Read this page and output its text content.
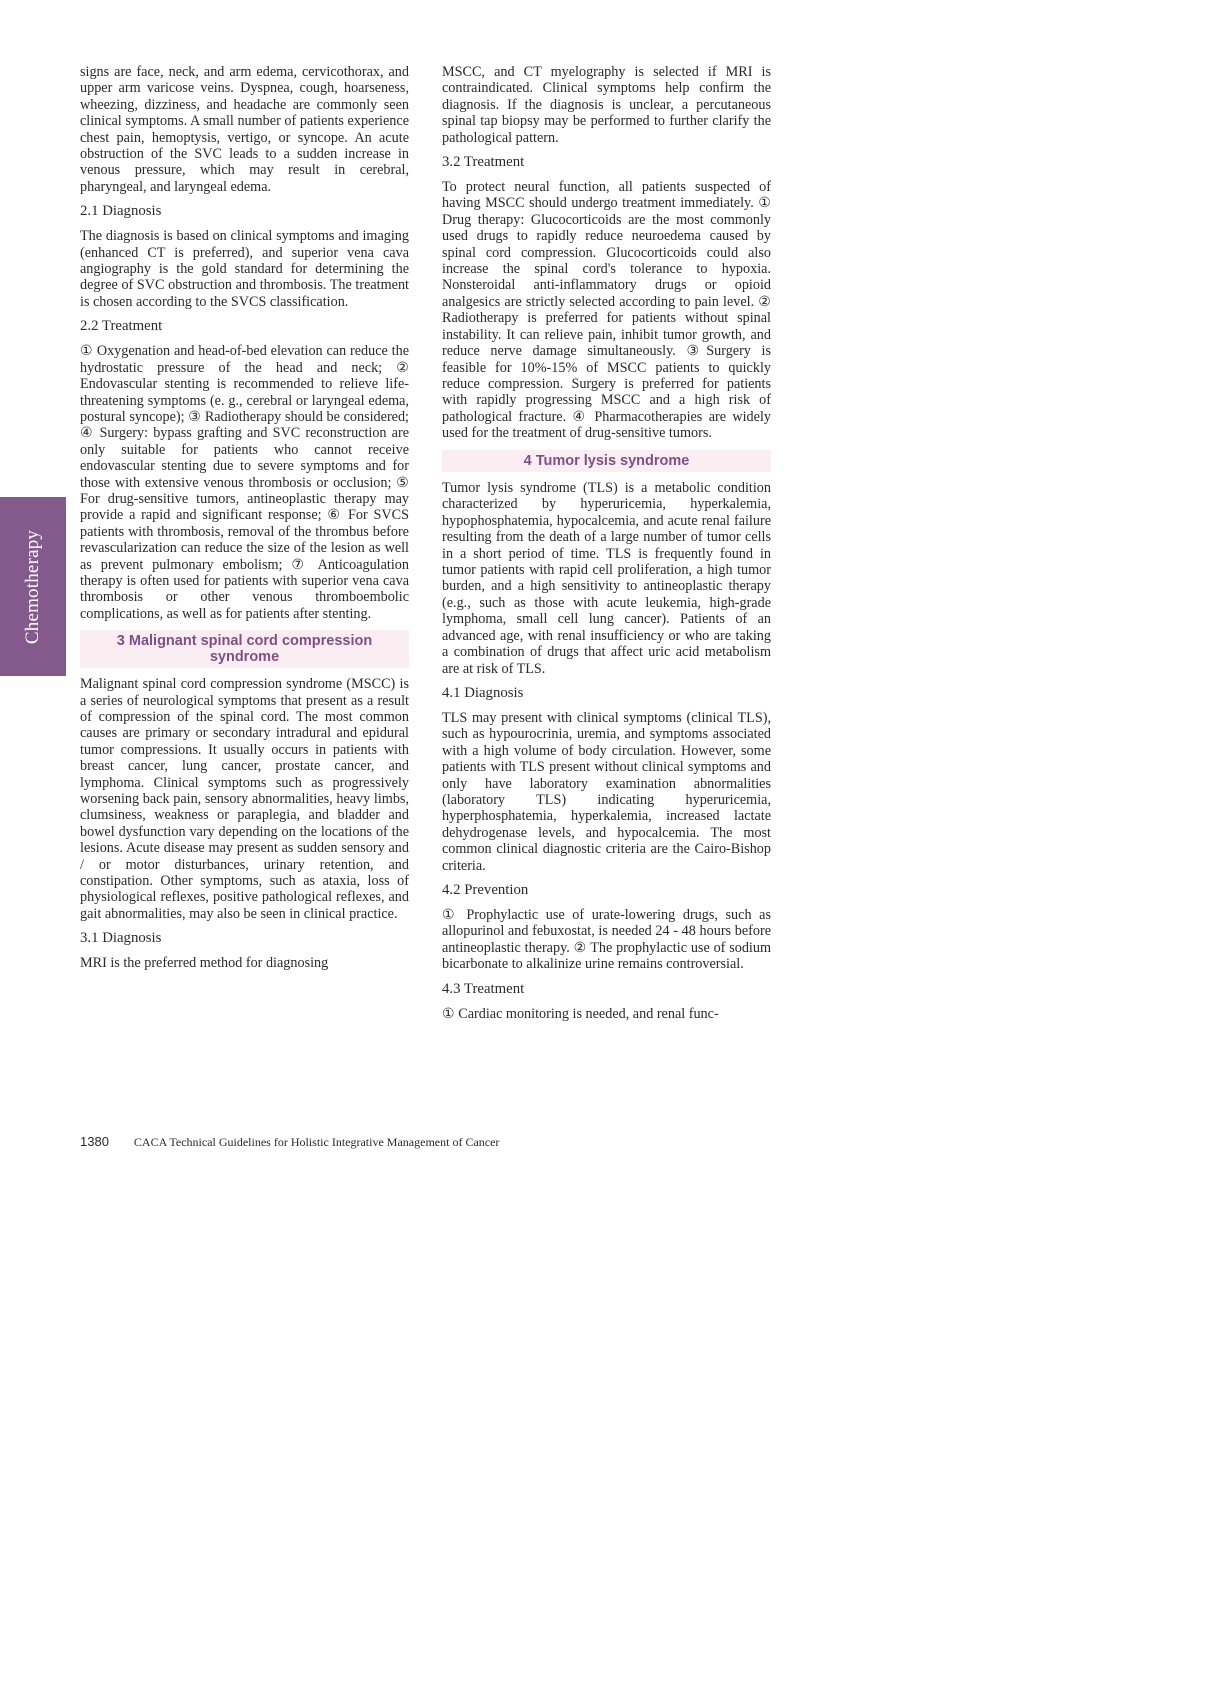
Chemotherapy

signs are face, neck, and arm edema, cervicothorax, and upper arm varicose veins. Dyspnea, cough, hoarseness, wheezing, dizziness, and headache are commonly seen clinical symptoms. A small number of patients experience chest pain, hemoptysis, vertigo, or syncope. An acute obstruction of the SVC leads to a sudden increase in venous pressure, which may result in cerebral, pharyngeal, and laryngeal edema.

2.1 Diagnosis

The diagnosis is based on clinical symptoms and imaging (enhanced CT is preferred), and superior vena cava angiography is the gold standard for determining the degree of SVC obstruction and thrombosis. The treatment is chosen according to the SVCS classification.

2.2 Treatment

① Oxygenation and head-of-bed elevation can reduce the hydrostatic pressure of the head and neck; ② Endovascular stenting is recommended to relieve life-threatening symptoms (e. g., cerebral or laryngeal edema, postural syncope); ③ Radiotherapy should be considered; ④ Surgery: bypass grafting and SVC reconstruction are only suitable for patients who cannot receive endovascular stenting due to severe symptoms and for those with extensive venous thrombosis or occlusion; ⑤ For drug-sensitive tumors, antineoplastic therapy may provide a rapid and significant response; ⑥ For SVCS patients with thrombosis, removal of the thrombus before revascularization can reduce the size of the lesion as well as prevent pulmonary embolism; ⑦ Anticoagulation therapy is often used for patients with superior vena cava thrombosis or other venous thromboembolic complications, as well as for patients after stenting.

3 Malignant spinal cord compression syndrome

Malignant spinal cord compression syndrome (MSCC) is a series of neurological symptoms that present as a result of compression of the spinal cord. The most common causes are primary or secondary intradural and epidural tumor compressions. It usually occurs in patients with breast cancer, lung cancer, prostate cancer, and lymphoma. Clinical symptoms such as progressively worsening back pain, sensory abnormalities, heavy limbs, clumsiness, weakness or paraplegia, and bladder and bowel dysfunction vary depending on the locations of the lesions. Acute disease may present as sudden sensory and / or motor disturbances, urinary retention, and constipation. Other symptoms, such as ataxia, loss of physiological reflexes, positive pathological reflexes, and gait abnormalities, may also be seen in clinical practice.

3.1 Diagnosis

MRI is the preferred method for diagnosing

MSCC, and CT myelography is selected if MRI is contraindicated. Clinical symptoms help confirm the diagnosis. If the diagnosis is unclear, a percutaneous spinal tap biopsy may be performed to further clarify the pathological pattern.

3.2 Treatment

To protect neural function, all patients suspected of having MSCC should undergo treatment immediately. ① Drug therapy: Glucocorticoids are the most commonly used drugs to rapidly reduce neuroedema caused by spinal cord compression. Glucocorticoids could also increase the spinal cord's tolerance to hypoxia. Nonsteroidal anti-inflammatory drugs or opioid analgesics are strictly selected according to pain level. ② Radiotherapy is preferred for patients without spinal instability. It can relieve pain, inhibit tumor growth, and reduce nerve damage simultaneously. ③Surgery is feasible for 10%-15% of MSCC patients to quickly reduce compression. Surgery is preferred for patients with rapidly progressing MSCC and a high risk of pathological fracture. ④ Pharmacotherapies are widely used for the treatment of drug-sensitive tumors.

4 Tumor lysis syndrome

Tumor lysis syndrome (TLS) is a metabolic condition characterized by hyperuricemia, hyperkalemia, hypophosphatemia, hypocalcemia, and acute renal failure resulting from the death of a large number of tumor cells in a short period of time. TLS is frequently found in tumor patients with rapid cell proliferation, a high tumor burden, and a high sensitivity to antineoplastic therapy (e.g., such as those with acute leukemia, high-grade lymphoma, small cell lung cancer). Patients of an advanced age, with renal insufficiency or who are taking a combination of drugs that affect uric acid metabolism are at risk of TLS.

4.1 Diagnosis

TLS may present with clinical symptoms (clinical TLS), such as hypourocrinia, uremia, and symptoms associated with a high volume of body circulation. However, some patients with TLS present without clinical symptoms and only have laboratory examination abnormalities (laboratory TLS) indicating hyperuricemia, hyperphosphatemia, hyperkalemia, increased lactate dehydrogenase levels, and hypocalcemia. The most common clinical diagnostic criteria are the Cairo-Bishop criteria.

4.2 Prevention

① Prophylactic use of urate-lowering drugs, such as allopurinol and febuxostat, is needed 24 - 48 hours before antineoplastic therapy. ② The prophylactic use of sodium bicarbonate to alkalinize urine remains controversial.

4.3 Treatment

① Cardiac monitoring is needed, and renal func-

1380 CACA Technical Guidelines for Holistic Integrative Management of Cancer
